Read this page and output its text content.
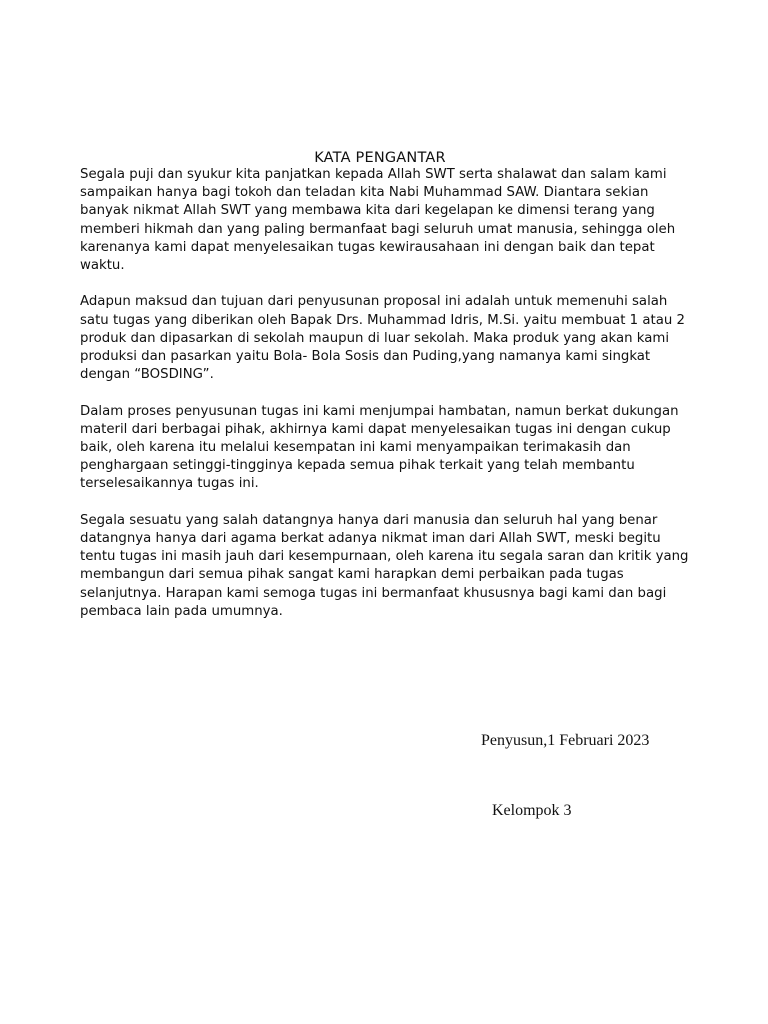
KATA PENGANTAR

Segala puji dan syukur kita panjatkan kepada Allah SWT serta shalawat dan salam kami sampaikan hanya bagi tokoh dan teladan kita Nabi Muhammad SAW. Diantara sekian banyak nikmat Allah SWT yang membawa kita dari kegelapan ke dimensi terang yang memberi hikmah dan yang paling bermanfaat bagi seluruh umat manusia, sehingga oleh karenanya kami dapat menyelesaikan tugas kewirausahaan ini dengan baik dan tepat waktu.

Adapun maksud dan tujuan dari penyusunan proposal ini adalah untuk memenuhi salah satu tugas yang diberikan oleh Bapak Drs. Muhammad Idris, M.Si. yaitu membuat 1 atau 2 produk dan dipasarkan di sekolah maupun di luar sekolah. Maka produk yang akan kami produksi dan pasarkan yaitu Bola- Bola Sosis dan Puding,yang namanya kami singkat dengan “BOSDING”.

Dalam proses penyusunan tugas ini kami menjumpai hambatan, namun berkat dukungan materil dari berbagai pihak, akhirnya kami dapat menyelesaikan tugas ini dengan cukup baik, oleh karena itu melalui kesempatan ini kami menyampaikan terimakasih dan penghargaan setinggi-tingginya kepada semua pihak terkait yang telah membantu terselesaikannya tugas ini.

Segala sesuatu yang salah datangnya hanya dari manusia dan seluruh hal yang benar datangnya hanya dari agama berkat adanya nikmat iman dari Allah SWT, meski begitu tentu tugas ini masih jauh dari kesempurnaan, oleh karena itu segala saran dan kritik yang membangun dari semua pihak sangat kami harapkan demi perbaikan pada tugas selanjutnya. Harapan kami semoga tugas ini bermanfaat khususnya bagi kami dan bagi pembaca lain pada umumnya.

Penyusun,1 Februari 2023
Kelompok 3
